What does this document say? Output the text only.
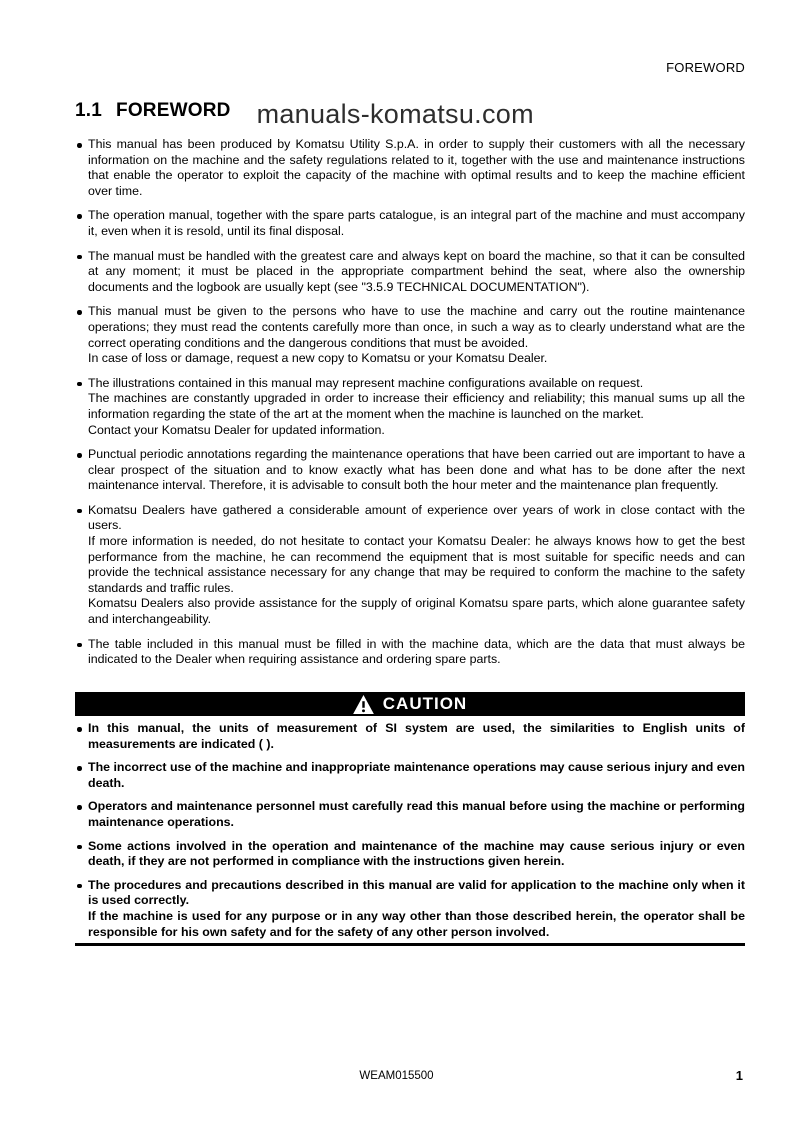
FOREWORD
1.1 FOREWORD manuals-komatsu.com
This manual has been produced by Komatsu Utility S.p.A. in order to supply their customers with all the necessary information on the machine and the safety regulations related to it, together with the use and maintenance instructions that enable the operator to exploit the capacity of the machine with optimal results and to keep the machine efficient over time.
The operation manual, together with the spare parts catalogue, is an integral part of the machine and must accompany it, even when it is resold, until its final disposal.
The manual must be handled with the greatest care and always kept on board the machine, so that it can be consulted at any moment; it must be placed in the appropriate compartment behind the seat, where also the ownership documents and the logbook are usually kept (see "3.5.9 TECHNICAL DOCUMENTATION").
This manual must be given to the persons who have to use the machine and carry out the routine maintenance operations; they must read the contents carefully more than once, in such a way as to clearly understand what are the correct operating conditions and the dangerous conditions that must be avoided.
In case of loss or damage, request a new copy to Komatsu or your Komatsu Dealer.
The illustrations contained in this manual may represent machine configurations available on request.
The machines are constantly upgraded in order to increase their efficiency and reliability; this manual sums up all the information regarding the state of the art at the moment when the machine is launched on the market.
Contact your Komatsu Dealer for updated information.
Punctual periodic annotations regarding the maintenance operations that have been carried out are important to have a clear prospect of the situation and to know exactly what has been done and what has to be done after the next maintenance interval. Therefore, it is advisable to consult both the hour meter and the maintenance plan frequently.
Komatsu Dealers have gathered a considerable amount of experience over years of work in close contact with the users.
If more information is needed, do not hesitate to contact your Komatsu Dealer: he always knows how to get the best performance from the machine, he can recommend the equipment that is most suitable for specific needs and can provide the technical assistance necessary for any change that may be required to conform the machine to the safety standards and traffic rules.
Komatsu Dealers also provide assistance for the supply of original Komatsu spare parts, which alone guarantee safety and interchangeability.
The table included in this manual must be filled in with the machine data, which are the data that must always be indicated to the Dealer when requiring assistance and ordering spare parts.
CAUTION
In this manual, the units of measurement of SI system are used, the similarities to English units of measurements are indicated ( ).
The incorrect use of the machine and inappropriate maintenance operations may cause serious injury and even death.
Operators and maintenance personnel must carefully read this manual before using the machine or performing maintenance operations.
Some actions involved in the operation and maintenance of the machine may cause serious injury or even death, if they are not performed in compliance with the instructions given herein.
The procedures and precautions described in this manual are valid for application to the machine only when it is used correctly.
If the machine is used for any purpose or in any way other than those described herein, the operator shall be responsible for his own safety and for the safety of any other person involved.
WEAM015500	1
